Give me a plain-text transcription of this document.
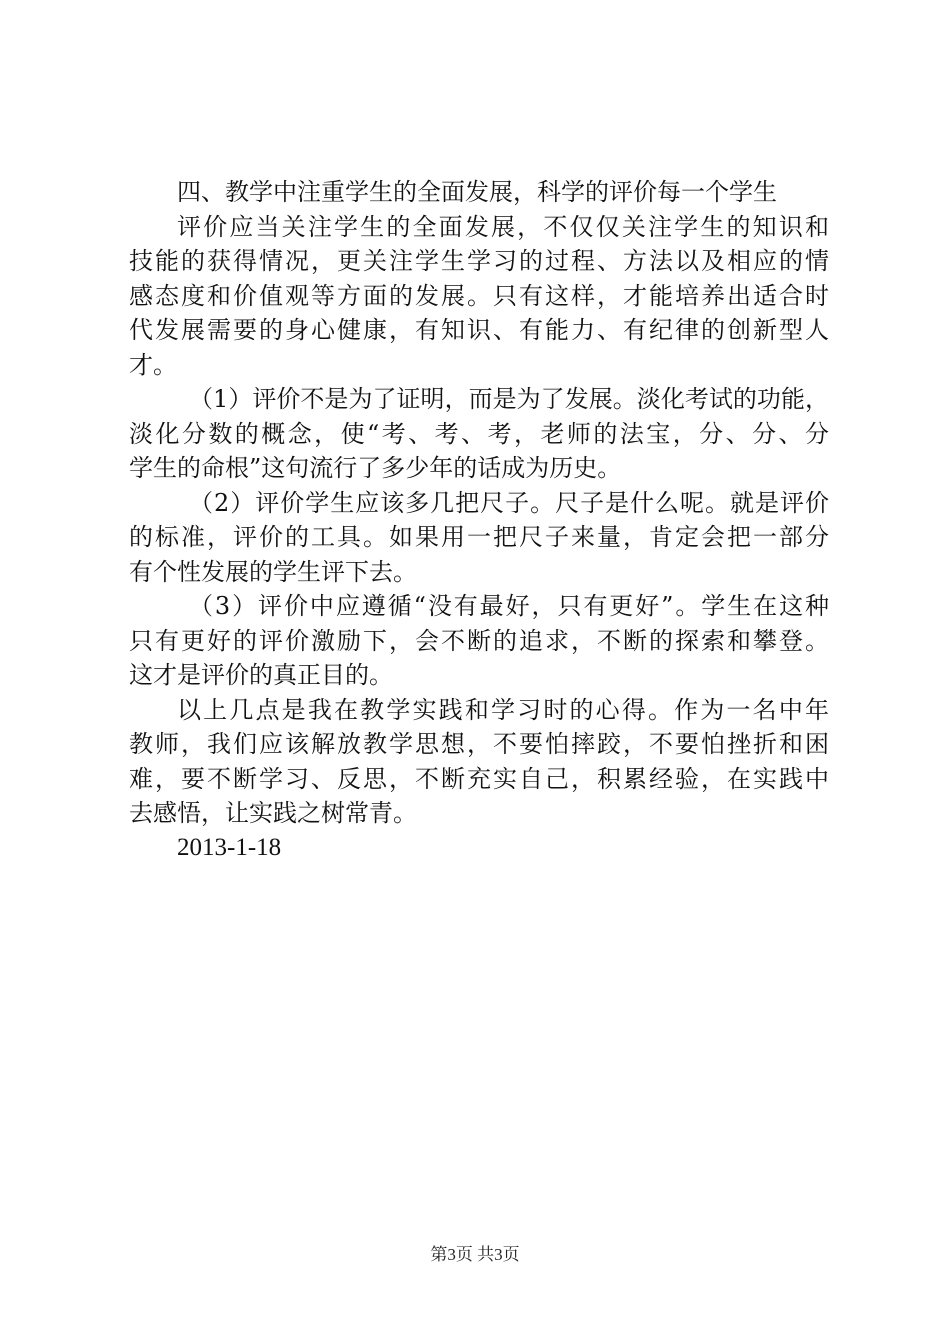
四、教学中注重学生的全面发展，科学的评价每一个学生
评价应当关注学生的全面发展，不仅仅关注学生的知识和
技能的获得情况，更关注学生学习的过程、方法以及相应的情
感态度和价值观等方面的发展。只有这样，才能培养出适合时
代发展需要的身心健康，有知识、有能力、有纪律的创新型人
才。
（1）评价不是为了证明，而是为了发展。淡化考试的功能，
淡化分数的概念，使“考、考、考，老师的法宝，分、分、分
学生的命根”这句流行了多少年的话成为历史。
（2）评价学生应该多几把尺子。尺子是什么呢。就是评价
的标准，评价的工具。如果用一把尺子来量，肯定会把一部分
有个性发展的学生评下去。
（3）评价中应遵循“没有最好，只有更好”。学生在这种
只有更好的评价激励下，会不断的追求，不断的探索和攀登。
这才是评价的真正目的。
以上几点是我在教学实践和学习时的心得。作为一名中年
教师，我们应该解放教学思想，不要怕摔跤，不要怕挫折和困
难，要不断学习、反思，不断充实自己，积累经验，在实践中
去感悟，让实践之树常青。
2013-1-18
第3页 共3页
